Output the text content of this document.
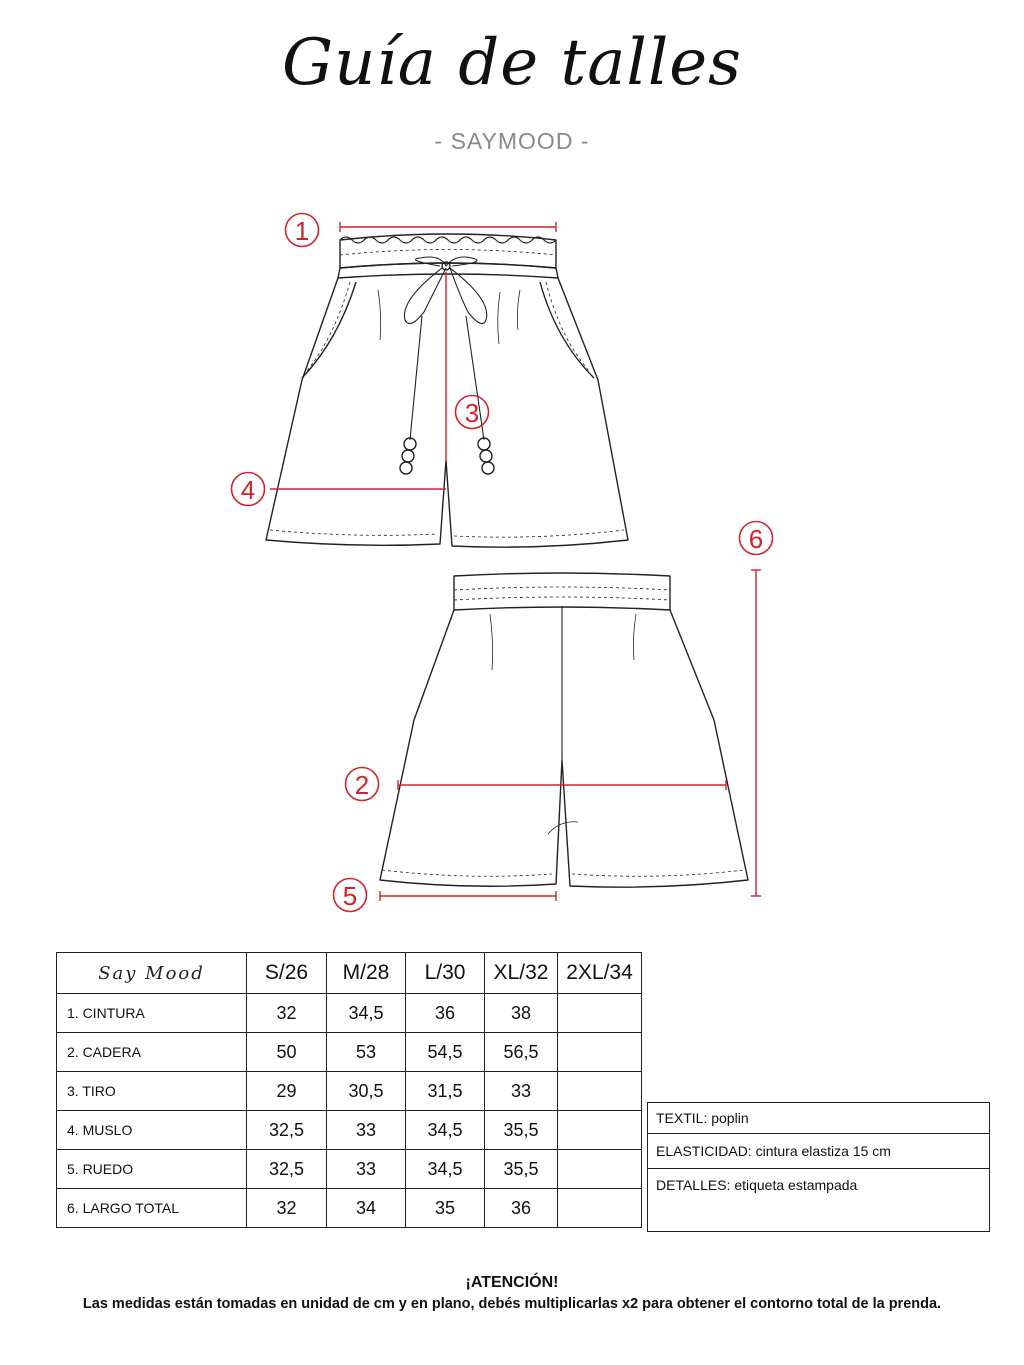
Guía de talles
- SAYMOOD -
1
3
4
6
2
5
Say Mood	S/26	M/28	L/30	XL/32	2XL/34
1. CINTURA	32	34,5	36	38	
2. CADERA	50	53	54,5	56,5	
3. TIRO	29	30,5	31,5	33	
4. MUSLO	32,5	33	34,5	35,5	
5. RUEDO	32,5	33	34,5	35,5	
6. LARGO TOTAL	32	34	35	36	
TEXTIL: poplin
ELASTICIDAD: cintura elastiza 15 cm
DETALLES: etiqueta estampada
¡ATENCIÓN!
Las medidas están tomadas en unidad de cm y en plano, debés multiplicarlas x2 para obtener el contorno total de la prenda.
